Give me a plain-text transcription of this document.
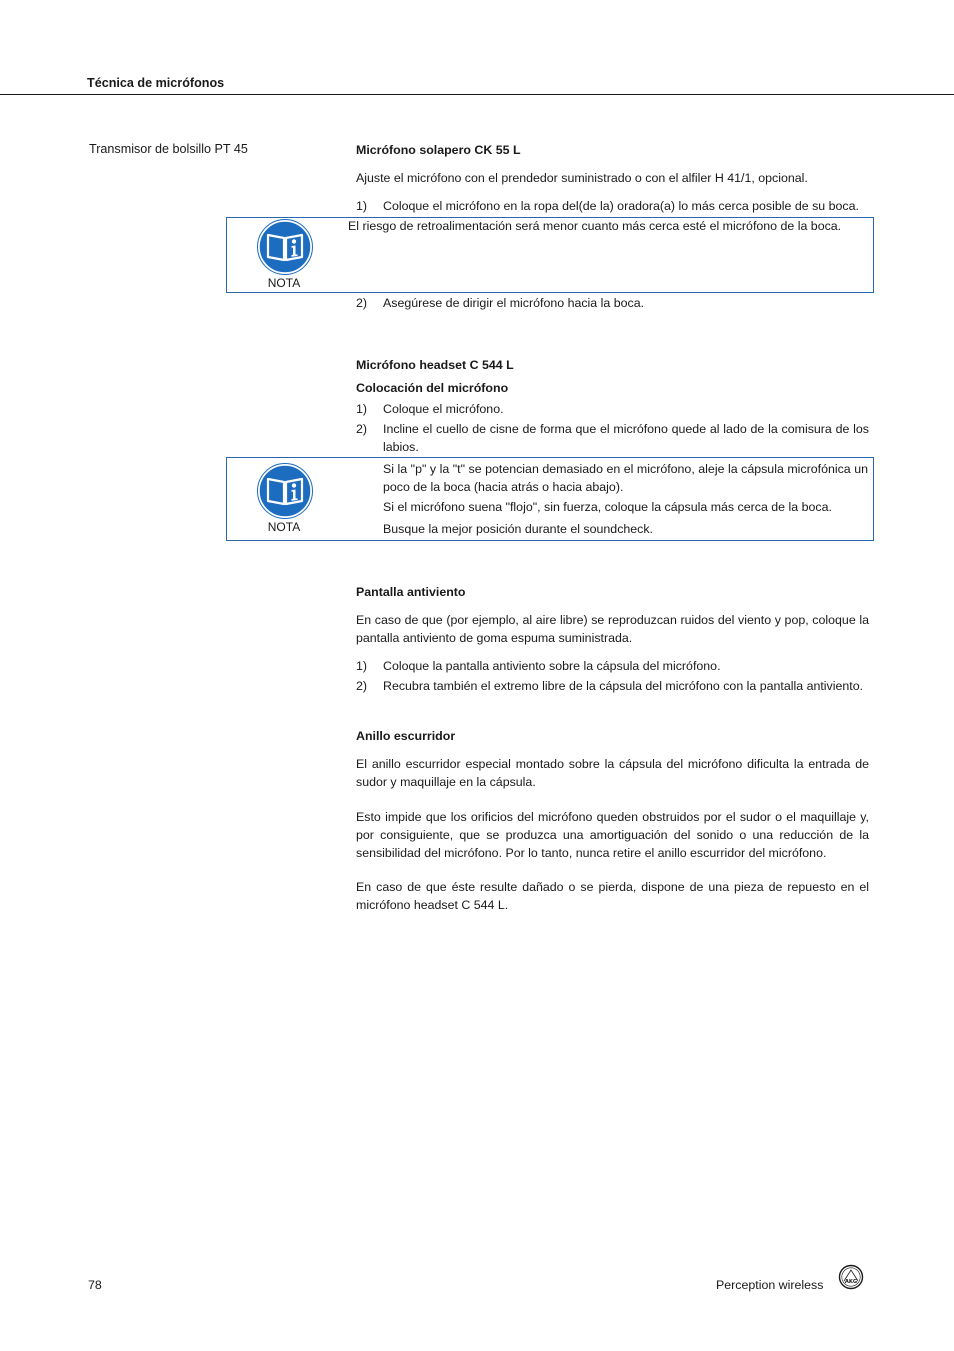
Técnica de micrófonos
Transmisor de bolsillo PT 45	Micrófono solapero CK 55 L
Ajuste el micrófono con el prendedor suministrado o con el alfiler H 41/1, opcional.
1)	Coloque el micrófono en la ropa del(de la) oradora(a) lo más cerca posible de su boca.
NOTA
El riesgo de retroalimentación será menor cuanto más cerca esté el micrófono de la boca.
2)	Asegúrese de dirigir el micrófono hacia la boca.
Micrófono headset C 544 L
Colocación del micrófono
1)	Coloque el micrófono.
2)	Incline el cuello de cisne de forma que el micrófono quede al lado de la comisura de los labios.
NOTA
Si la "p" y la "t" se potencian demasiado en el micrófono, aleje la cápsula microfónica un poco de la boca (hacia atrás o hacia abajo).
Si el micrófono suena "flojo", sin fuerza, coloque la cápsula más cerca de la boca.
Busque la mejor posición durante el soundcheck.
Pantalla antiviento
En caso de que (por ejemplo, al aire libre) se reproduzcan ruidos del viento y pop, coloque la pantalla antiviento de goma espuma suministrada.
1)	Coloque la pantalla antiviento sobre la cápsula del micrófono.
2)	Recubra también el extremo libre de la cápsula del micrófono con la pantalla antiviento.
Anillo escurridor
El anillo escurridor especial montado sobre la cápsula del micrófono dificulta la entrada de sudor y maquillaje en la cápsula.
Esto impide que los orificios del micrófono queden obstruidos por el sudor o el maquillaje y, por consiguiente, que se produzca una amortiguación del sonido o una reducción de la sensibilidad del micrófono. Por lo tanto, nunca retire el anillo escurridor del micrófono.
En caso de que éste resulte dañado o se pierda, dispone de una pieza de repuesto en el micrófono headset C 544 L.
78	Perception wireless	AKG
